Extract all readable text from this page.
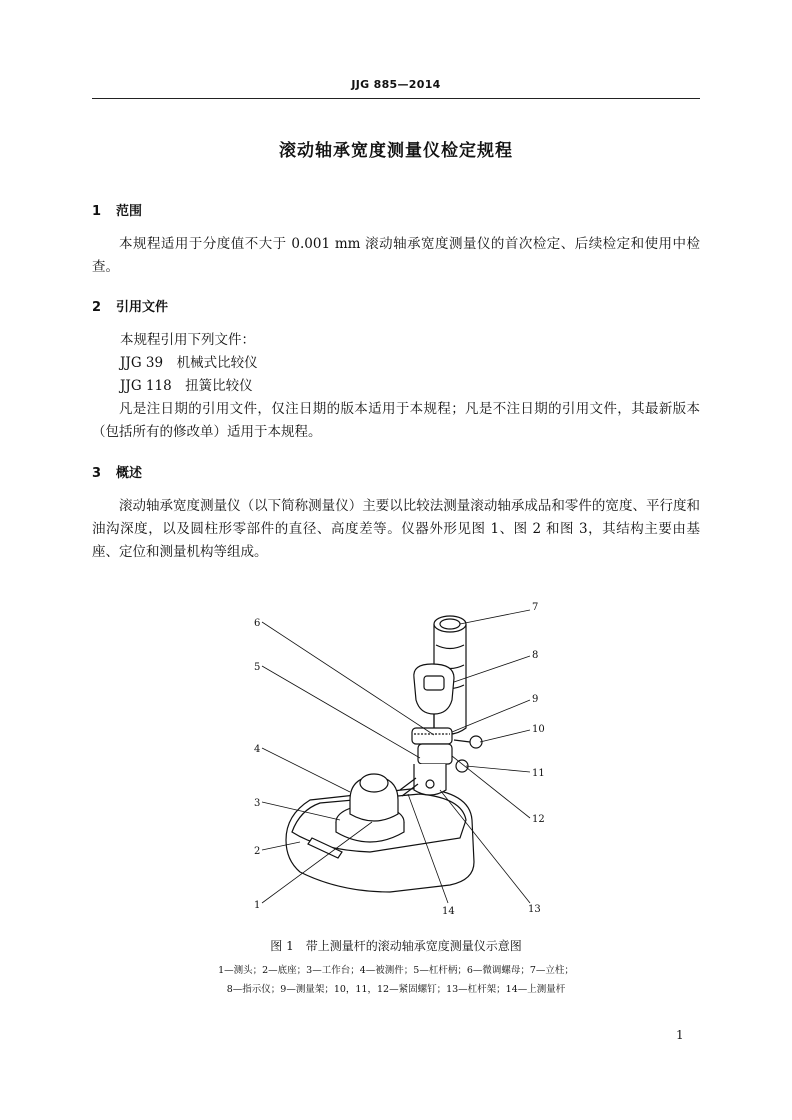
JJG 885—2014
滚动轴承宽度测量仪检定规程
1 范围

本规程适用于分度值不大于 0.001 mm 滚动轴承宽度测量仪的首次检定、后续检定和使用中检查。

2 引用文件
本规程引用下列文件：
JJG 39　机械式比较仪
JJG 118　扭簧比较仪

凡是注日期的引用文件，仅注日期的版本适用于本规程；凡是不注日期的引用文件，其最新版本（包括所有的修改单）适用于本规程。

3 概述

滚动轴承宽度测量仪（以下简称测量仪）主要以比较法测量滚动轴承成品和零件的宽度、平行度和油沟深度，以及圆柱形零部件的直径、高度差等。仪器外形见图 1、图 2 和图 3，其结构主要由基座、定位和测量机构等组成。

1
2
3
4
5
6
7
8
9
10
11
12
13
14
图 1　带上测量杆的滚动轴承宽度测量仪示意图
1—测头；2—底座；3—工作台；4—被测件；5—杠杆柄；6—微调螺母；7—立柱；
8—指示仪；9—测量架；10，11，12—紧固螺钉；13—杠杆架；14—上测量杆
1
